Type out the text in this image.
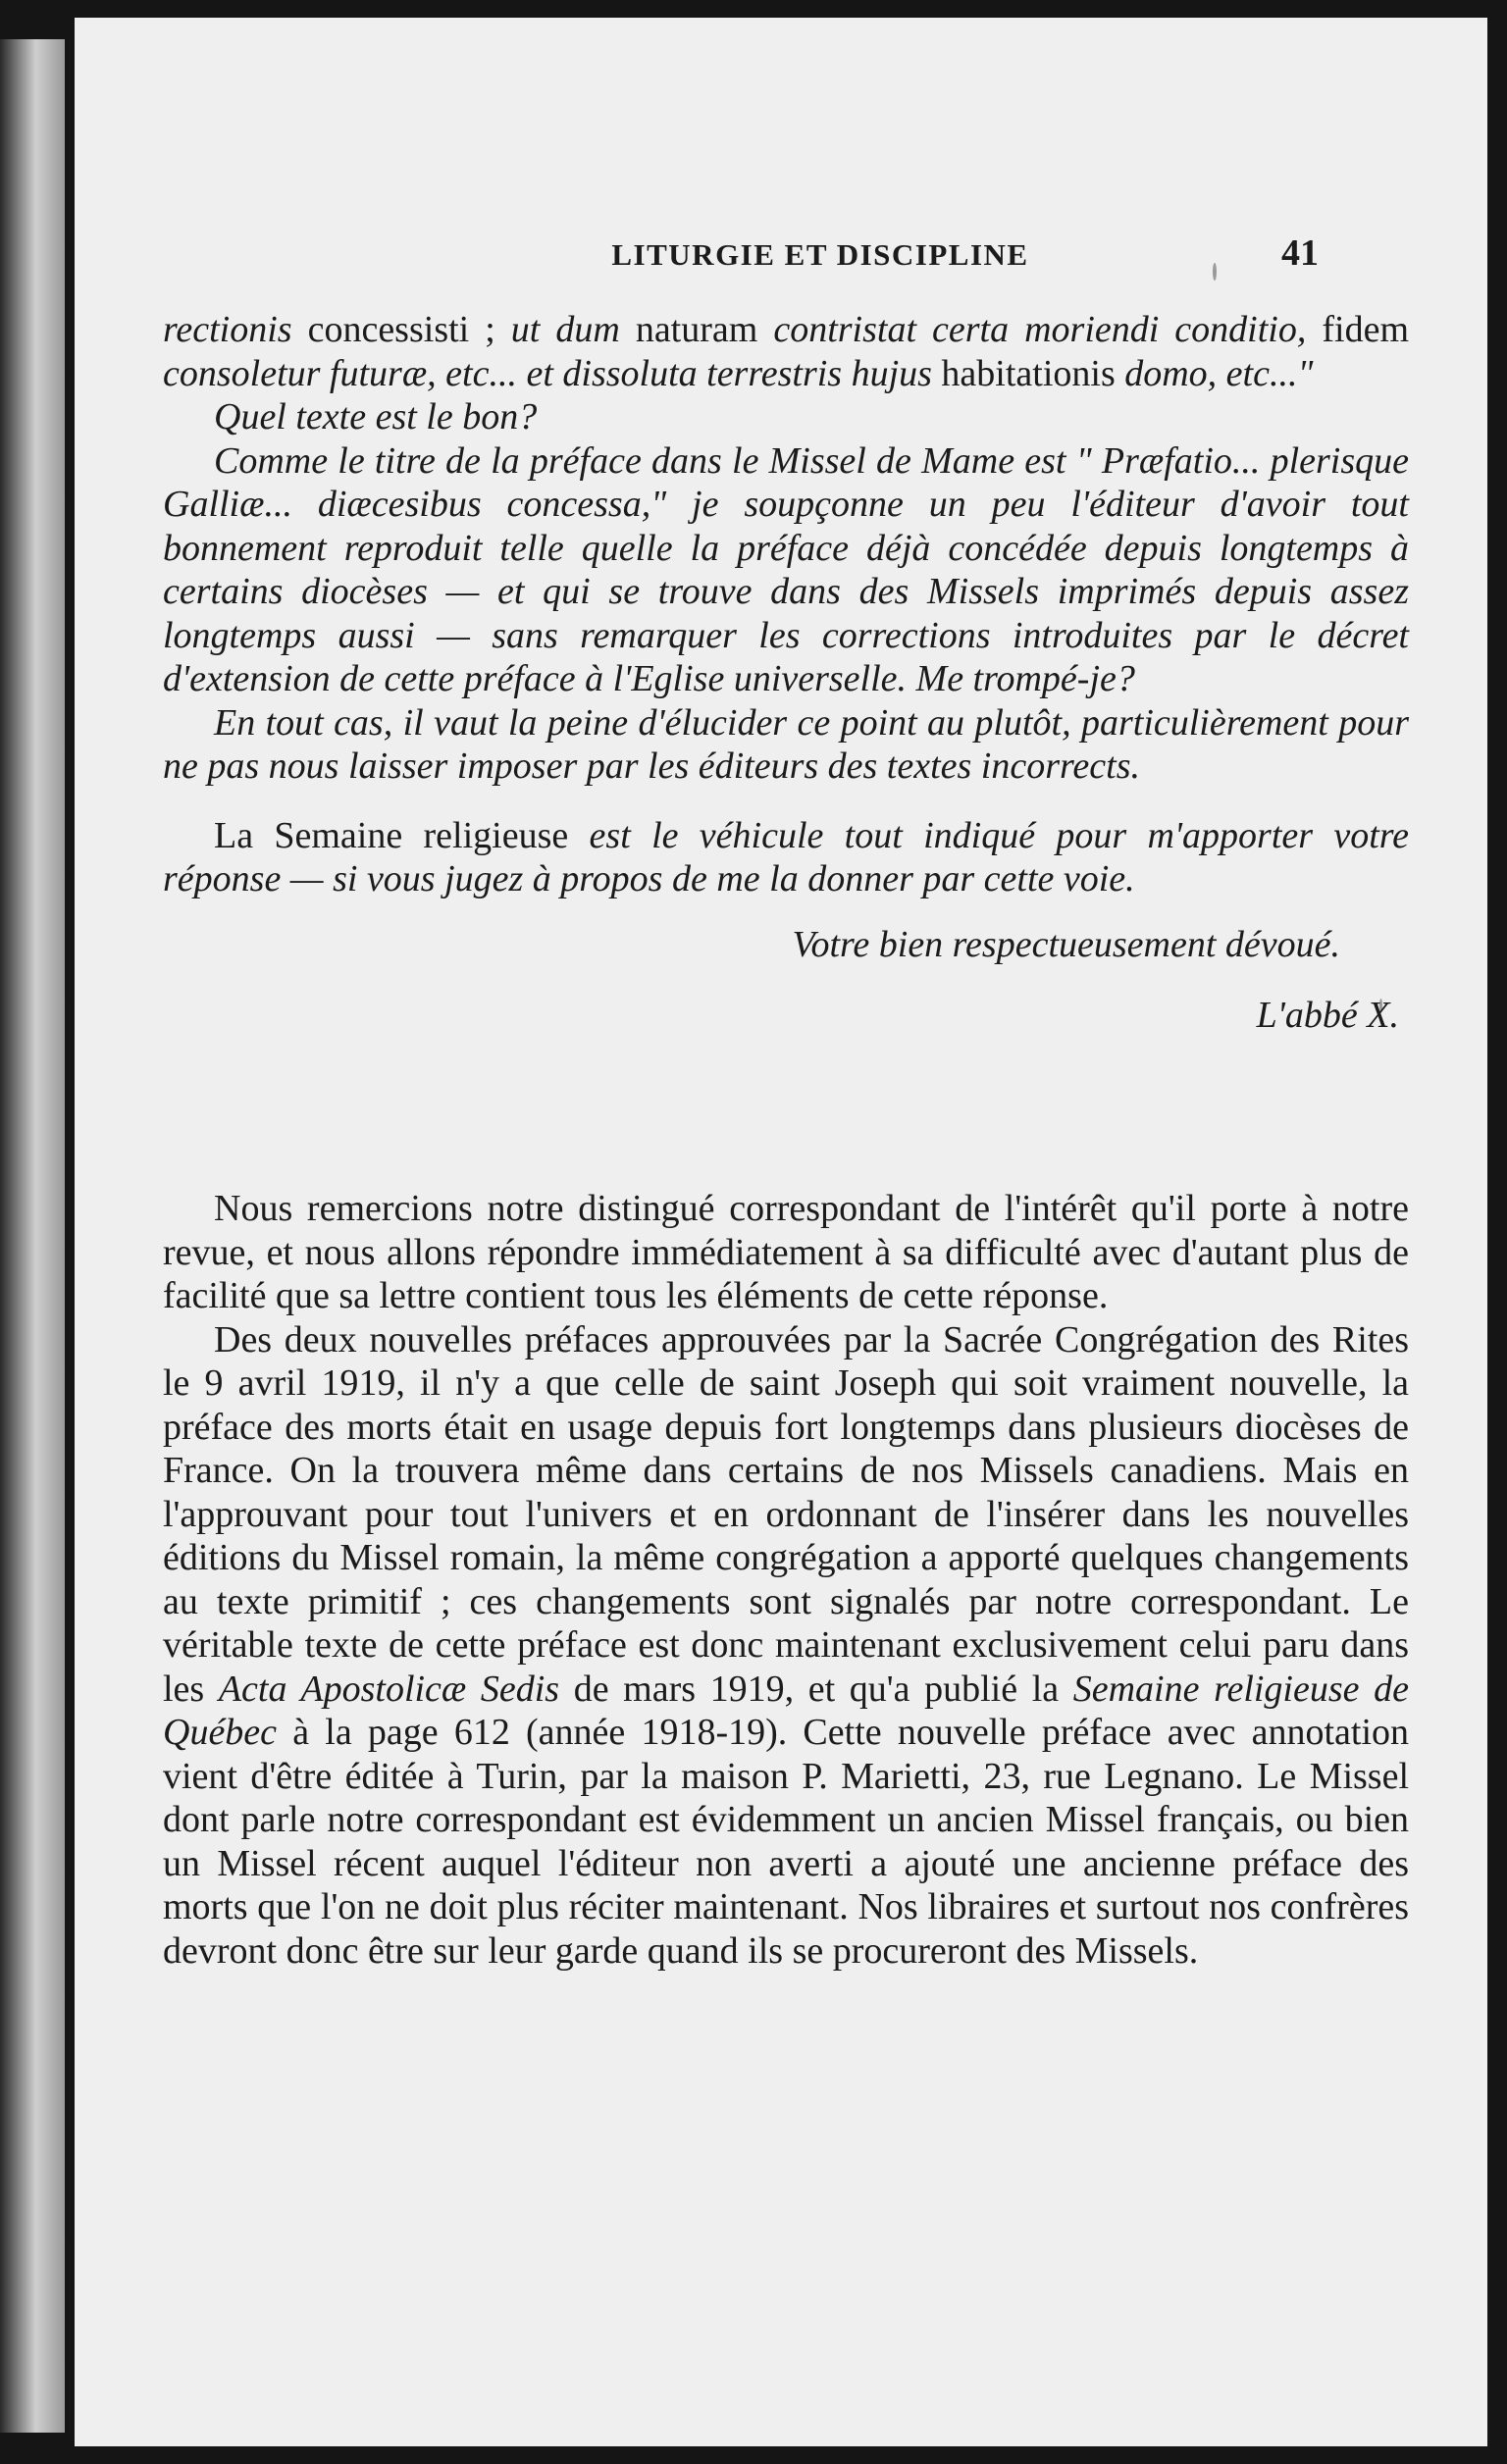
LITURGIE ET DISCIPLINE	41

rectionis concessisti ; ut dum naturam contristat certa moriendi conditio, fidem consoletur futuræ, etc... et dissoluta terrestris hujus habitationis domo, etc..."

Quel texte est le bon?

Comme le titre de la préface dans le Missel de Mame est " Præfatio... plerisque Galliæ... diæcesibus concessa," je soupçonne un peu l'éditeur d'avoir tout bonnement reproduit telle quelle la préface déjà concédée depuis longtemps à certains diocèses — et qui se trouve dans des Missels imprimés depuis assez longtemps aussi — sans remarquer les corrections introduites par le décret d'extension de cette préface à l'Eglise universelle. Me trompé-je?

En tout cas, il vaut la peine d'élucider ce point au plutôt, particulièrement pour ne pas nous laisser imposer par les éditeurs des textes incorrects.

La Semaine religieuse est le véhicule tout indiqué pour m'apporter votre réponse — si vous jugez à propos de me la donner par cette voie.

Votre bien respectueusement dévoué.

L'abbé X.

Nous remercions notre distingué correspondant de l'intérêt qu'il porte à notre revue, et nous allons répondre immédiatement à sa difficulté avec d'autant plus de facilité que sa lettre contient tous les éléments de cette réponse.

Des deux nouvelles préfaces approuvées par la Sacrée Congrégation des Rites le 9 avril 1919, il n'y a que celle de saint Joseph qui soit vraiment nouvelle, la préface des morts était en usage depuis fort longtemps dans plusieurs diocèses de France. On la trouvera même dans certains de nos Missels canadiens. Mais en l'approuvant pour tout l'univers et en ordonnant de l'insérer dans les nouvelles éditions du Missel romain, la même congrégation a apporté quelques changements au texte primitif ; ces changements sont signalés par notre correspondant. Le véritable texte de cette préface est donc maintenant exclusivement celui paru dans les Acta Apostolicæ Sedis de mars 1919, et qu'a publié la Semaine religieuse de Québec à la page 612 (année 1918-19). Cette nouvelle préface avec annotation vient d'être éditée à Turin, par la maison P. Marietti, 23, rue Legnano. Le Missel dont parle notre correspondant est évidemment un ancien Missel français, ou bien un Missel récent auquel l'éditeur non averti a ajouté une ancienne préface des morts que l'on ne doit plus réciter maintenant. Nos libraires et surtout nos confrères devront donc être sur leur garde quand ils se procureront des Missels.
